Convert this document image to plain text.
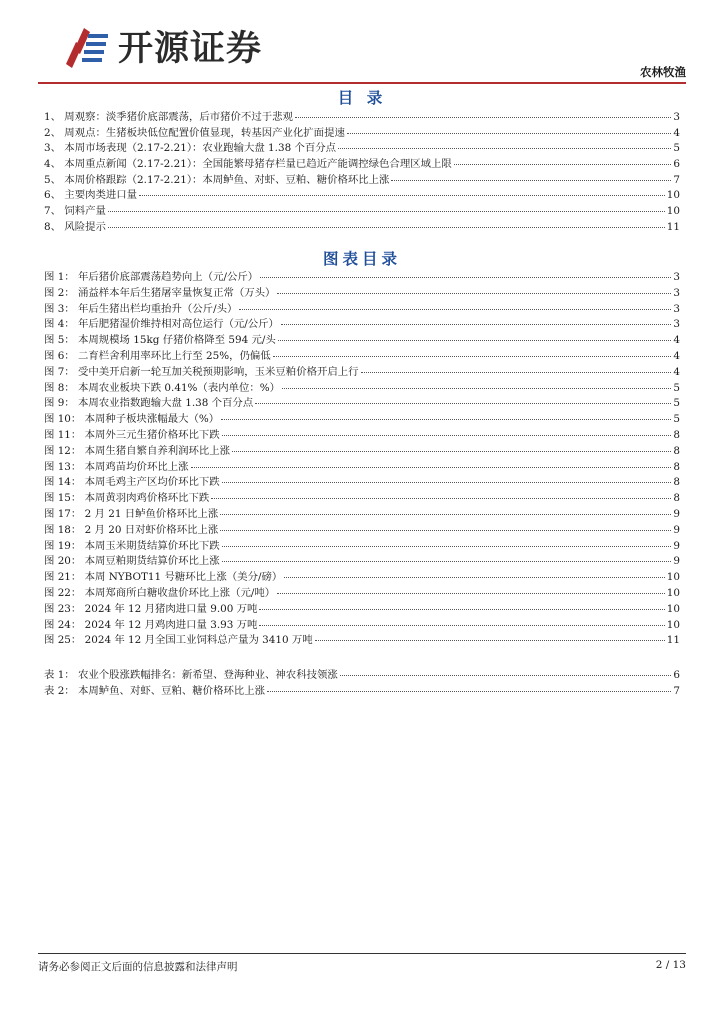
开源证券
农林牧渔
目 录
1、 周观察：淡季猪价底部震荡，后市猪价不过于悲观	3
2、 周观点：生猪板块低位配置价值显现，转基因产业化扩面提速	4
3、 本周市场表现（2.17-2.21）：农业跑输大盘 1.38 个百分点	5
4、 本周重点新闻（2.17-2.21）：全国能繁母猪存栏量已趋近产能调控绿色合理区域上限	6
5、 本周价格跟踪（2.17-2.21）：本周鲈鱼、对虾、豆粕、糖价格环比上涨	7
6、 主要肉类进口量	10
7、 饲料产量	10
8、 风险提示	11
图表目录
图 1： 年后猪价底部震荡趋势向上（元/公斤）	3
图 2： 涌益样本年后生猪屠宰量恢复正常（万头）	3
图 3： 年后生猪出栏均重抬升（公斤/头）	3
图 4： 年后肥猪湿价维持相对高位运行（元/公斤）	3
图 5： 本周规模场 15kg 仔猪价格降至 594 元/头	4
图 6： 二育栏舍利用率环比上行至 25%，仍偏低	4
图 7： 受中美开启新一轮互加关税预期影响，玉米豆粕价格开启上行	4
图 8： 本周农业板块下跌 0.41%（表内单位：%）	5
图 9： 本周农业指数跑输大盘 1.38 个百分点	5
图 10： 本周种子板块涨幅最大（%）	5
图 11： 本周外三元生猪价格环比下跌	8
图 12： 本周生猪自繁自养利润环比上涨	8
图 13： 本周鸡苗均价环比上涨	8
图 14： 本周毛鸡主产区均价环比下跌	8
图 15： 本周黄羽肉鸡价格环比下跌	8
图 17： 2 月 21 日鲈鱼价格环比上涨	9
图 18： 2 月 20 日对虾价格环比上涨	9
图 19： 本周玉米期货结算价环比下跌	9
图 20： 本周豆粕期货结算价环比上涨	9
图 21： 本周 NYBOT11 号糖环比上涨（美分/磅）	10
图 22： 本周郑商所白糖收盘价环比上涨（元/吨）	10
图 23： 2024 年 12 月猪肉进口量 9.00 万吨	10
图 24： 2024 年 12 月鸡肉进口量 3.93 万吨	10
图 25： 2024 年 12 月全国工业饲料总产量为 3410 万吨	11
表 1： 农业个股涨跌幅排名：新希望、登海种业、神农科技领涨	6
表 2： 本周鲈鱼、对虾、豆粕、糖价格环比上涨	7
请务必参阅正文后面的信息披露和法律声明	2 / 13
